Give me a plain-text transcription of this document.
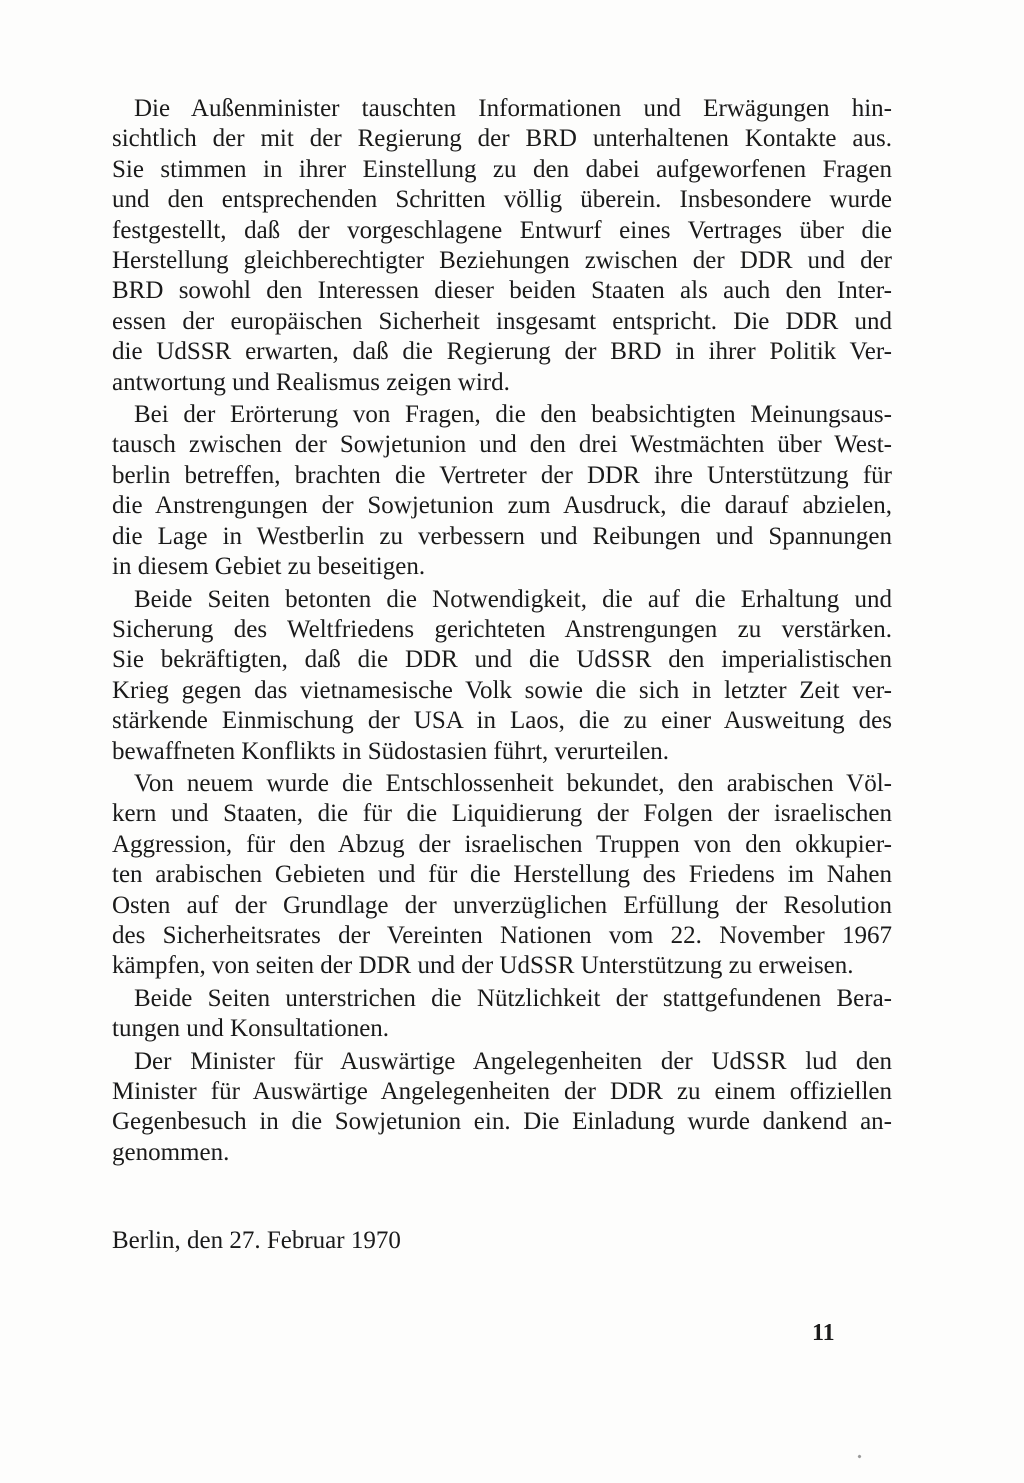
Die Außenminister tauschten Informationen und Erwägungen hin-
sichtlich der mit der Regierung der BRD unterhaltenen Kontakte aus.
Sie stimmen in ihrer Einstellung zu den dabei aufgeworfenen Fragen
und den entsprechenden Schritten völlig überein. Insbesondere wurde
festgestellt, daß der vorgeschlagene Entwurf eines Vertrages über die
Herstellung gleichberechtigter Beziehungen zwischen der DDR und der
BRD sowohl den Interessen dieser beiden Staaten als auch den Inter-
essen der europäischen Sicherheit insgesamt entspricht. Die DDR und
die UdSSR erwarten, daß die Regierung der BRD in ihrer Politik Ver-
antwortung und Realismus zeigen wird.
Bei der Erörterung von Fragen, die den beabsichtigten Meinungsaus-
tausch zwischen der Sowjetunion und den drei Westmächten über West-
berlin betreffen, brachten die Vertreter der DDR ihre Unterstützung für
die Anstrengungen der Sowjetunion zum Ausdruck, die darauf abzielen,
die Lage in Westberlin zu verbessern und Reibungen und Spannungen
in diesem Gebiet zu beseitigen.
Beide Seiten betonten die Notwendigkeit, die auf die Erhaltung und
Sicherung des Weltfriedens gerichteten Anstrengungen zu verstärken.
Sie bekräftigten, daß die DDR und die UdSSR den imperialistischen
Krieg gegen das vietnamesische Volk sowie die sich in letzter Zeit ver-
stärkende Einmischung der USA in Laos, die zu einer Ausweitung des
bewaffneten Konflikts in Südostasien führt, verurteilen.
Von neuem wurde die Entschlossenheit bekundet, den arabischen Völ-
kern und Staaten, die für die Liquidierung der Folgen der israelischen
Aggression, für den Abzug der israelischen Truppen von den okkupier-
ten arabischen Gebieten und für die Herstellung des Friedens im Nahen
Osten auf der Grundlage der unverzüglichen Erfüllung der Resolution
des Sicherheitsrates der Vereinten Nationen vom 22. November 1967
kämpfen, von seiten der DDR und der UdSSR Unterstützung zu erweisen.
Beide Seiten unterstrichen die Nützlichkeit der stattgefundenen Bera-
tungen und Konsultationen.
Der Minister für Auswärtige Angelegenheiten der UdSSR lud den
Minister für Auswärtige Angelegenheiten der DDR zu einem offiziellen
Gegenbesuch in die Sowjetunion ein. Die Einladung wurde dankend an-
genommen.
Berlin, den 27. Februar 1970
11
